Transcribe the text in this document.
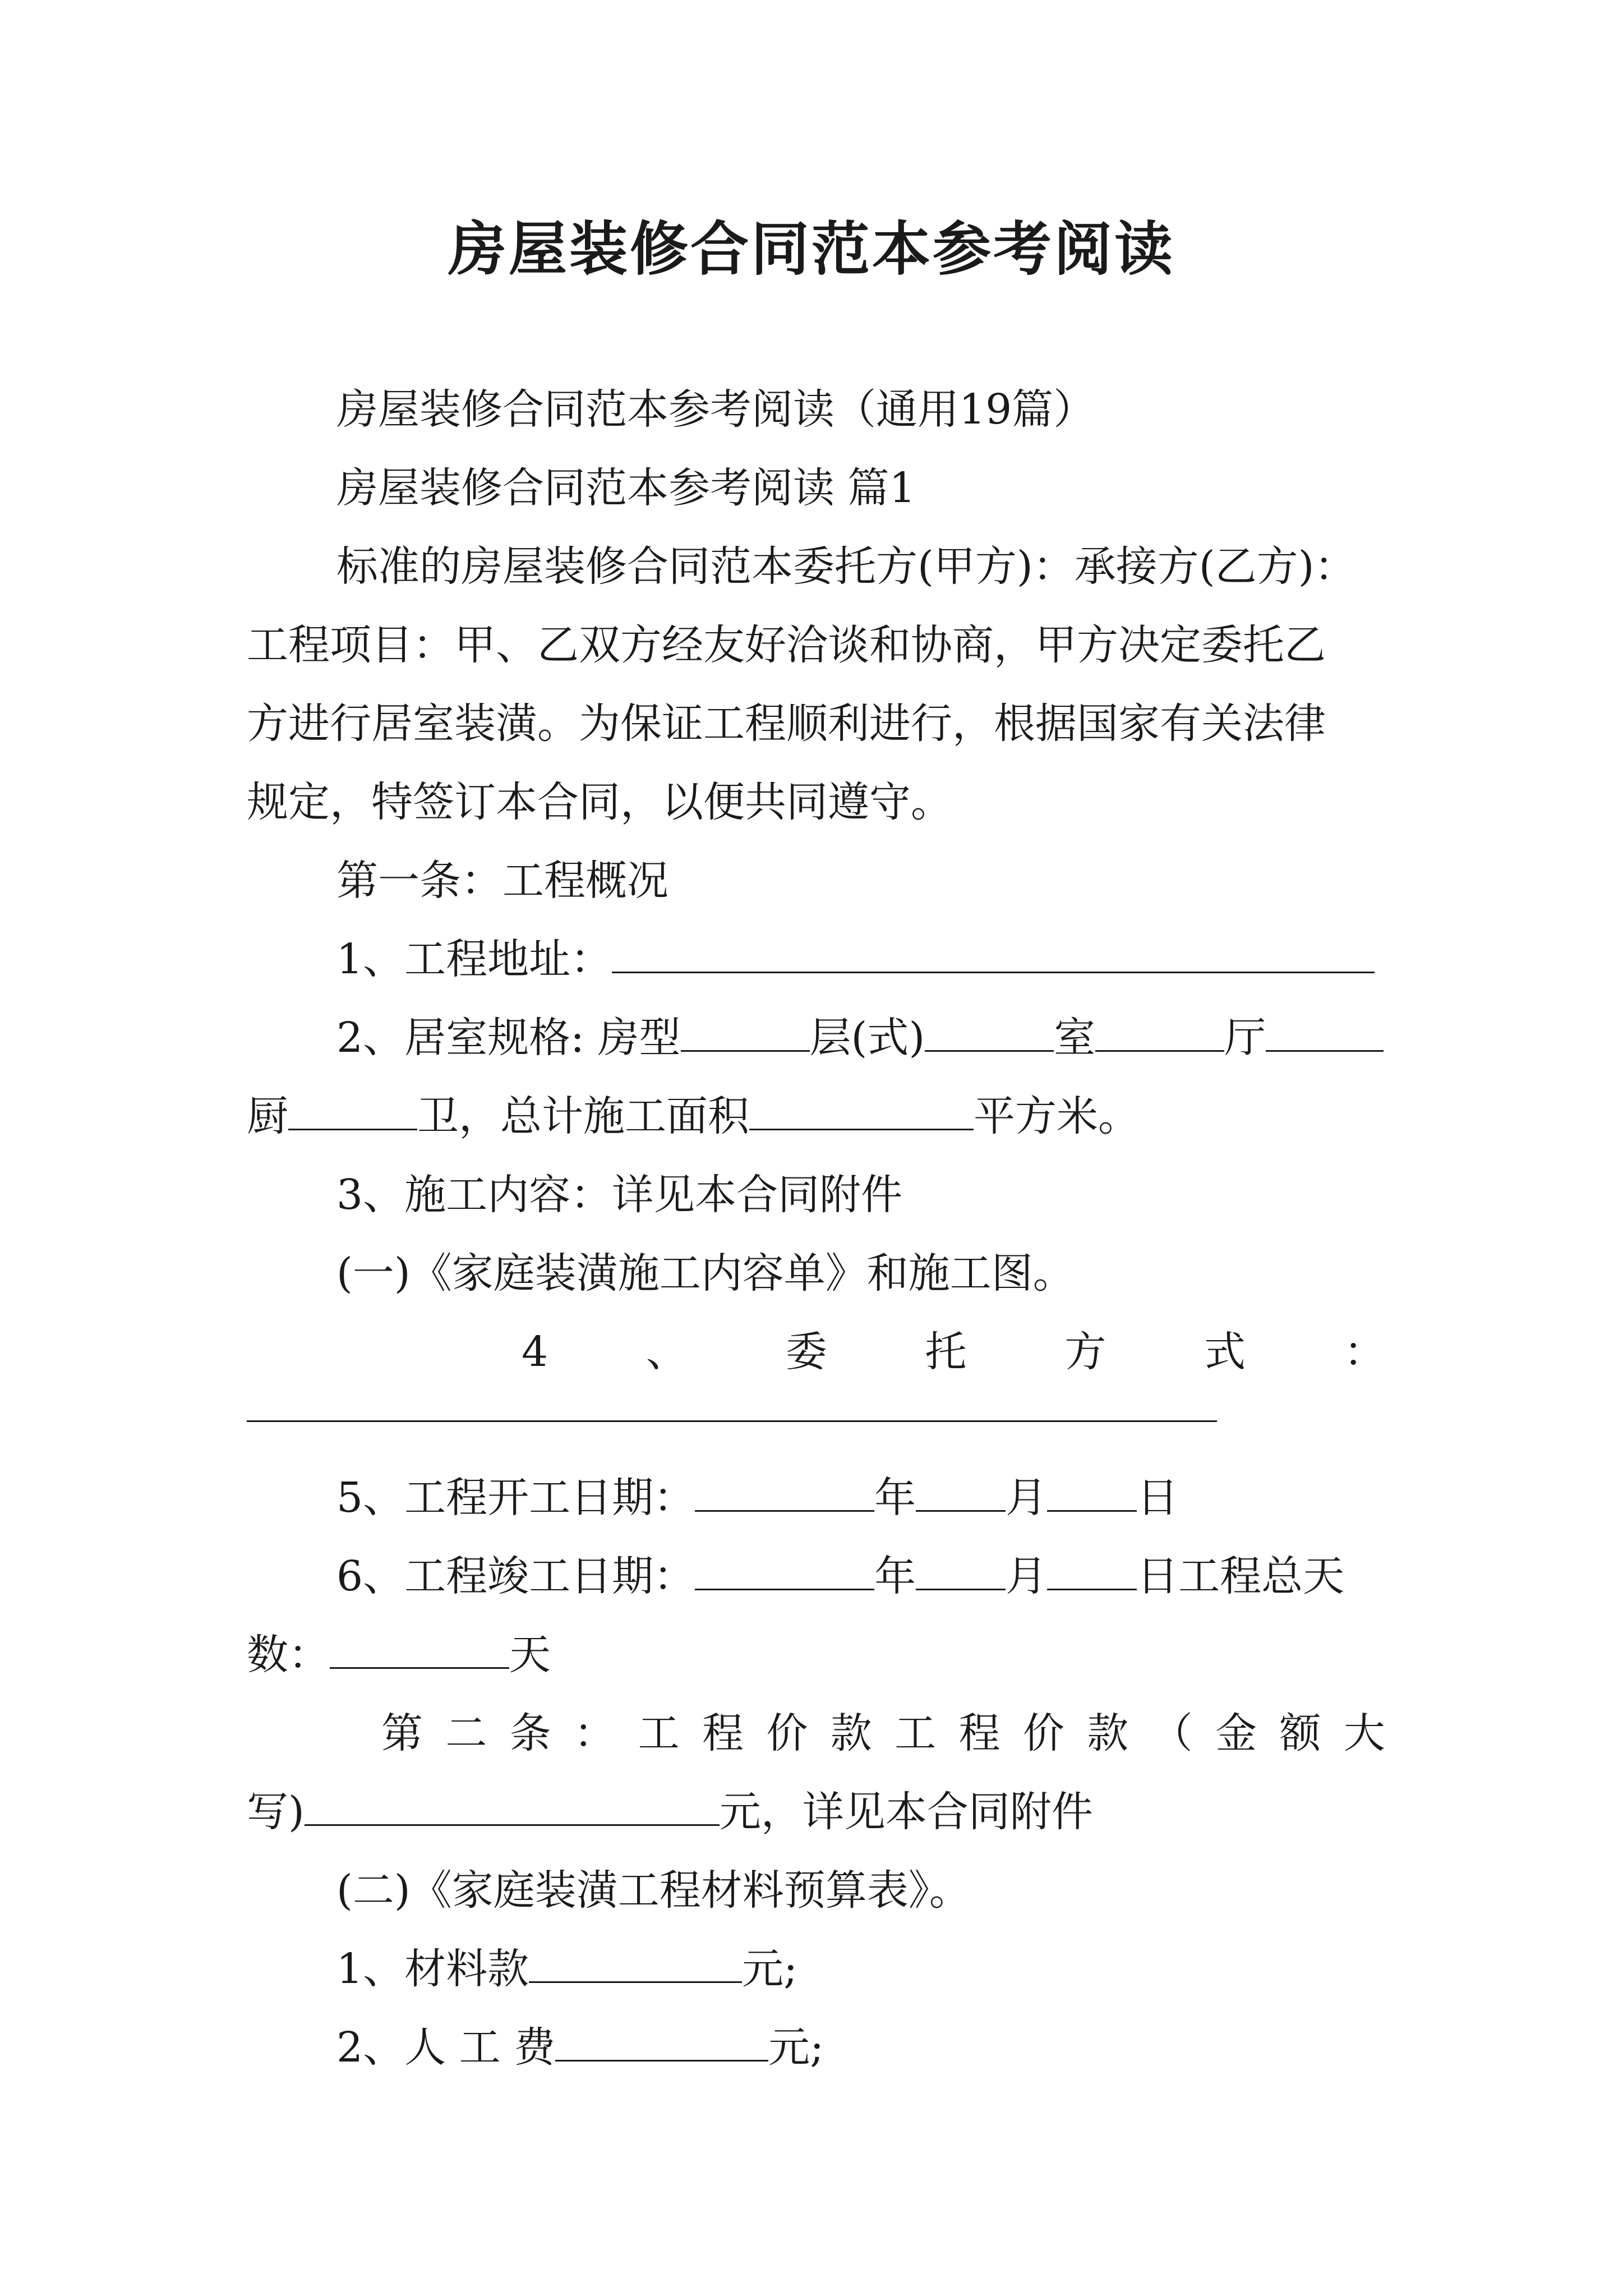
房屋装修合同范本参考阅读
房屋装修合同范本参考阅读（通用19篇）
房屋装修合同范本参考阅读 篇1
标准的房屋装修合同范本委托方(甲方)：承接方(乙方)：
工程项目：甲、乙双方经友好洽谈和协商，甲方决定委托乙
方进行居室装潢。为保证工程顺利进行，根据国家有关法律
规定，特签订本合同，以便共同遵守。
第一条：工程概况
1、工程地址：
2、居室规格: 房型	层(式)	室	厅
厨	卫，总计施工面积	平方米。
3、施工内容：详见本合同附件
(一)《家庭装潢施工内容单》和施工图。
4 、 委 托 方 式 ：
5、工程开工日期：	年 月 日
6、工程竣工日期：	年 月 日工程总天
数：	天
第 二 条 ： 工 程 价 款 工 程 价 款 （ 金 额 大
写)	元，详见本合同附件
(二)《家庭装潢工程材料预算表》。
1、材料款	元;
2、人 工 费	元;
